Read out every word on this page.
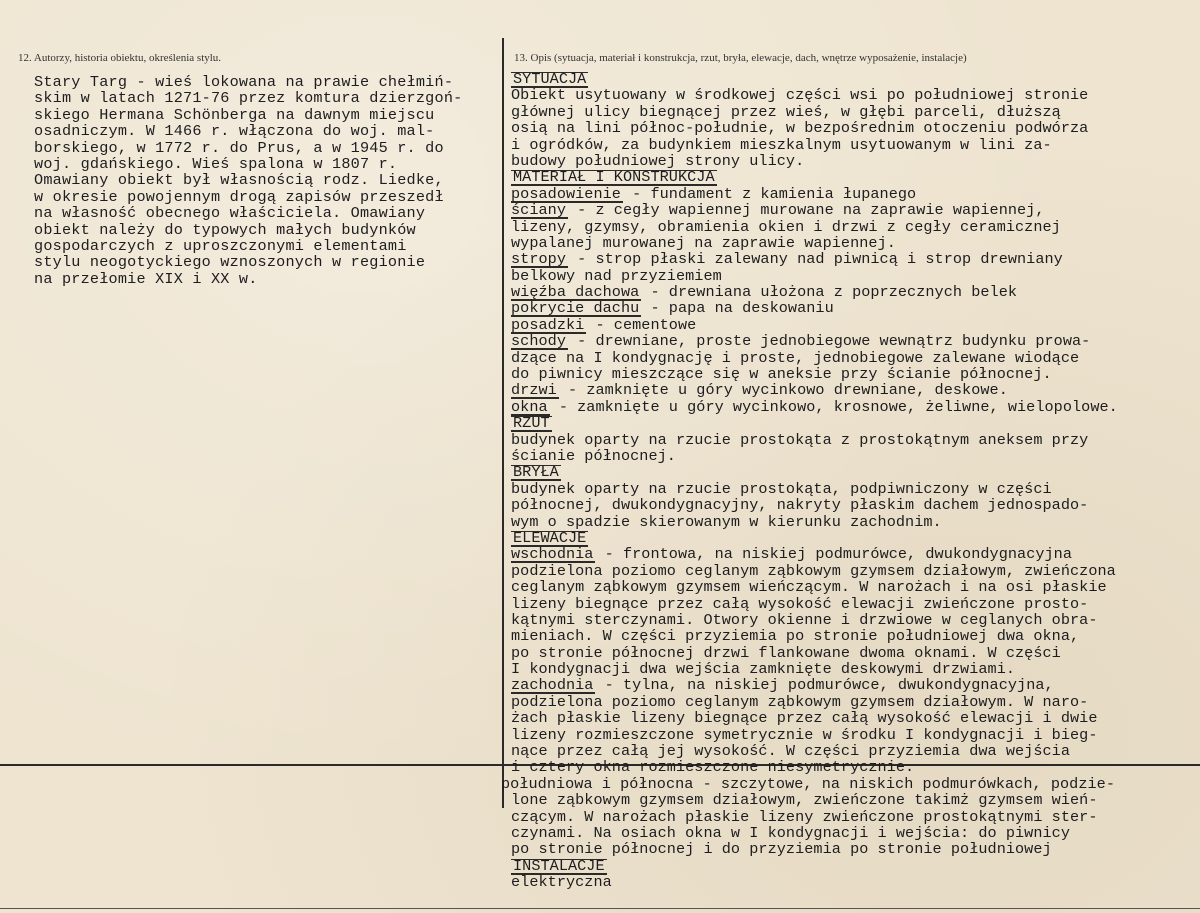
12. Autorzy, historia obiektu, określenia stylu.	13. Opis (sytuacja, materiał i konstrukcja, rzut, bryła, elewacje, dach, wnętrze wyposażenie, instalacje)

Stary Targ - wieś lokowana na prawie chełmiń-

skim w latach 1271-76 przez komtura dzierzgoń-

skiego Hermana Schönberga na dawnym miejscu

osadniczym. W 1466 r. włączona do woj. mal-

borskiego, w 1772 r. do Prus, a w 1945 r. do

woj. gdańskiego. Wieś spalona w 1807 r.

Omawiany obiekt był własnością rodz. Liedke,

w okresie powojennym drogą zapisów przeszedł

na własność obecnego właściciela. Omawiany

obiekt należy do typowych małych budynków

gospodarczych z uproszczonymi elementami

stylu neogotyckiego wznoszonych w regionie

na przełomie XIX i XX w.

SYTUACJA
Obiekt usytuowany w środkowej części wsi po południowej stronie
głównej ulicy biegnącej przez wieś, w głębi parceli, dłuższą
osią na lini północ-południe, w bezpośrednim otoczeniu podwórza
i ogródków, za budynkiem mieszkalnym usytuowanym w lini za-
budowy południowej strony ulicy.
MATERIAŁ I KONSTRUKCJA
posadowienie - fundament z kamienia łupanego
ściany - z cegły wapiennej murowane na zaprawie wapiennej,
lizeny, gzymsy, obramienia okien i drzwi z cegły ceramicznej
wypalanej murowanej na zaprawie wapiennej.
stropy - strop płaski zalewany nad piwnicą i strop drewniany
belkowy nad przyziemiem
więźba dachowa - drewniana ułożona z poprzecznych belek
pokrycie dachu - papa na deskowaniu
posadzki - cementowe
schody - drewniane, proste jednobiegowe wewnątrz budynku prowa-
dzące na I kondygnację i proste, jednobiegowe zalewane wiodące
do piwnicy mieszczące się w aneksie przy ścianie północnej.
drzwi - zamknięte u góry wycinkowo drewniane, deskowe.
okna - zamknięte u góry wycinkowo, krosnowe, żeliwne, wielopolowe.
RZUT
budynek oparty na rzucie prostokąta z prostokątnym aneksem przy
ścianie północnej.
BRYŁA
budynek oparty na rzucie prostokąta, podpiwniczony w części
północnej, dwukondygnacyjny, nakryty płaskim dachem jednospado-
wym o spadzie skierowanym w kierunku zachodnim.
ELEWACJE
wschodnia - frontowa, na niskiej podmurówce, dwukondygnacyjna
podzielona poziomo ceglanym ząbkowym gzymsem działowym, zwieńczona
ceglanym ząbkowym gzymsem wieńczącym. W narożach i na osi płaskie
lizeny biegnące przez całą wysokość elewacji zwieńczone prosto-
kątnymi sterczynami. Otwory okienne i drzwiowe w ceglanych obra-
mieniach. W części przyziemia po stronie południowej dwa okna,
po stronie północnej drzwi flankowane dwoma oknami. W części
I kondygnacji dwa wejścia zamknięte deskowymi drzwiami.
zachodnia - tylna, na niskiej podmurówce, dwukondygnacyjna,
podzielona poziomo ceglanym ząbkowym gzymsem działowym. W naro-
żach płaskie lizeny biegnące przez całą wysokość elewacji i dwie
lizeny rozmieszczone symetrycznie w środku I kondygnacji i bieg-
nące przez całą jej wysokość. W części przyziemia dwa wejścia
i cztery okna rozmieszczone niesymetrycznie.
południowa i północna - szczytowe, na niskich podmurówkach, podzie-
lone ząbkowym gzymsem działowym, zwieńczone takimż gzymsem wień-
czącym. W narożach płaskie lizeny zwieńczone prostokątnymi ster-
czynami. Na osiach okna w I kondygnacji i wejścia: do piwnicy
po stronie północnej i do przyziemia po stronie południowej
INSTALACJE
elektryczna
